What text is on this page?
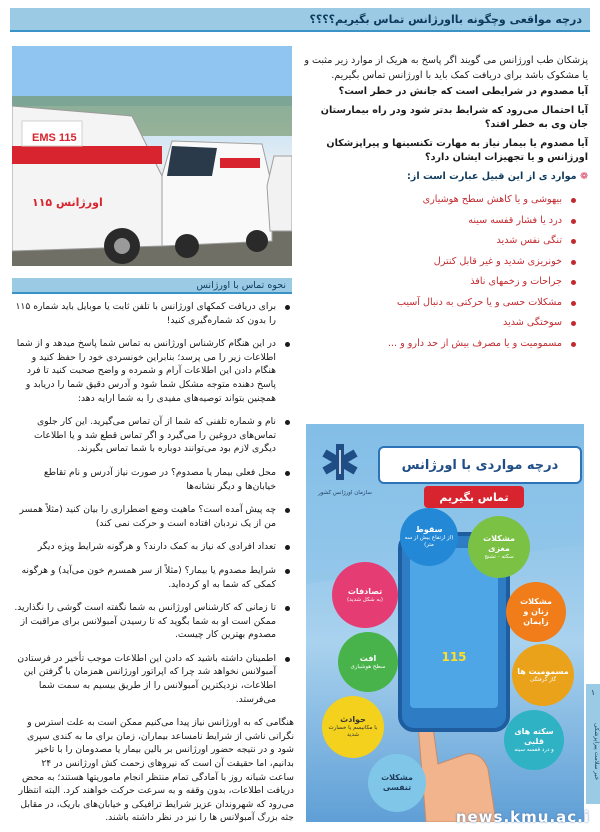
درچه مواقعی وچگونه بااورژانس تماس بگیریم؟؟؟؟
EMS 115
اورژانس ۱۱۵

پزشکان طب اورژانس می گویند اگر پاسخ به هریک از موارد زیر مثبت و یا مشکوک باشد برای دریافت کمک باید با اورژانس تماس بگیریم.

آیا مصدوم در شرایطی است که جانش در خطر است؟

آیا احتمال می‌رود که شرایط بدتر شود ودر راه بیمارستان جان وی به خطر افتد؟

آیا مصدوم یا بیمار نیاز به مهارت تکنسینها و پیراپزشکان اورژانس و یا تجهیزات ایشان دارد؟

❁ موارد ی از این قبیل عبارت است از:

بیهوشی و یا کاهش سطح هوشیاری
درد یا فشار قفسه سینه
تنگی نفس شدید
خونریزی شدید و غیر قابل کنترل
جراحات و زخمهای نافذ
مشکلات حسی و یا حرکتی به دنبال آسیب
سوختگی شدید
مسمومیت و یا مصرف بیش از حد دارو و ...
نحوه تماس با اورژانس
برای دریافت کمکهای اورژانس با تلفن ثابت یا موبایل باید شماره ۱۱۵ را بدون کد شماره‌گیری کنید!
در این هنگام کارشناس اورژانس به تماس شما پاسخ میدهد و از شما اطلاعات زیر را می پرسد؛ بنابراین خونسردی خود را حفظ کنید و هنگام دادن این اطلاعات آرام و شمرده و واضح صحبت کنید تا فرد پاسخ دهنده متوجه مشکل شما شود و آدرس دقیق شما را دریابد و همچنین بتواند توصیه‌های مفیدی را به شما ارایه دهد:
نام و شماره تلفنی که شما از آن تماس می‌گیرید. این کار جلوی تماس‌های دروغین را می‌گیرد و اگر تماس قطع شد و یا اطلاعات دیگری لازم بود می‌توانند دوباره با شما تماس بگیرند.
محل فعلی بیمار یا مصدوم؟ در صورت نیاز آدرس و نام تقاطع خیابان‌ها و دیگر نشانه‌ها
چه پیش آمده است؟ ماهیت وضع اضطراری را بیان کنید (مثلاً همسر من از یک نردبان افتاده است و حرکت نمی کند)
تعداد افرادی که نیاز به کمک دارند؟ و هرگونه شرایط ویژه دیگر
شرایط مصدوم یا بیمار؟ (مثلاً از سر همسرم خون می‌آید) و هرگونه کمکی که شما به او کرده‌اید.
تا زمانی که کارشناس اورژانس به شما نگفته است گوشی را نگذارید. ممکن است او به شما بگوید که تا رسیدن آمبولانس برای مراقبت از مصدوم بهترین کار چیست.
اطمینان داشته باشید که دادن این اطلاعات موجب تأخیر در فرستادن آمبولانس نخواهد شد چرا که اپراتور اورژانس همزمان با گرفتن این اطلاعات، نزدیکترین آمبولانس را از طریق بیسیم به سمت شما می‌فرستد.

هنگامی که به اورژانس نیاز پیدا می‌کنیم ممکن است به علت استرس و نگرانی ناشی از شرایط نامساعد بیماران، زمان برای ما به کندی سپری شود و در نتیجه حضور اورژانس بر بالین بیمار یا مصدومان را با تاخیر بدانیم، اما حقیقت آن است که نیروهای زحمت کش اورژانس در ۲۴ ساعت شبانه روز با آمادگی تمام منتظر انجام ماموریتها هستند؛ به محض دریافت اطلاعات، بدون وقفه و به سرعت حرکت خواهند کرد. البته انتظار می‌رود که شهروندان عزیز شرایط ترافیکی و خیابان‌های باریک، در مقابل جثه بزرگ آمبولانس ها را نیز در نظر داشته باشند.

درچه مواردی با اورژانس
تماس بگیریم
سازمان اورژانس کشور
115
سقوط
(از ارتفاع بیش از سه متر)
مشکلات مغزی
سکته - تشنج
تصادفات
(به شکل شدید)	مشکلات زنان و زایمان
افت
سطح هوشیاری	مسمومیت ها
گاز گرفتگی
حوادث
با مکانیسم یا خسارت شدید	سکته های قلبی
و درد قفسه سینه
مشکلات تنفسی
۱
خبر سلامت پیراپزشکی
news.kmu.ac.i
